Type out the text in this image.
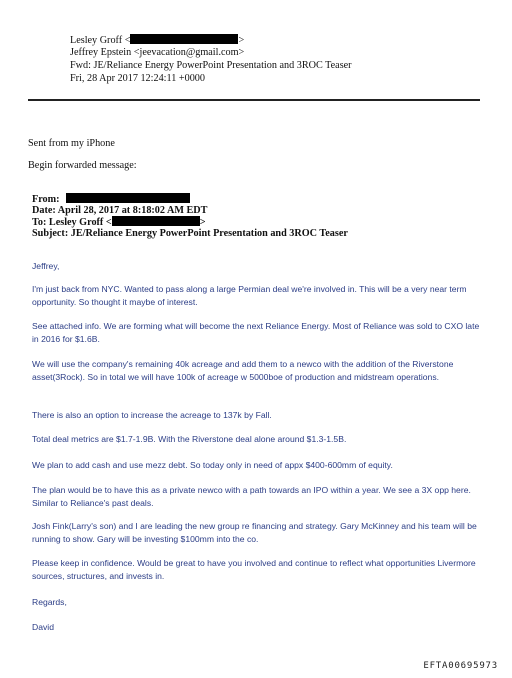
Lesley Groff <	>
Jeffrey Epstein <jeevacation@gmail.com>
Fwd: JE/Reliance Energy PowerPoint Presentation and 3ROC Teaser
Fri, 28 Apr 2017 12:24:11 +0000
Sent from my iPhone
Begin forwarded message:
From:
Date: April 28, 2017 at 8:18:02 AM EDT
To: Lesley Groff <	>
Subject: JE/Reliance Energy PowerPoint Presentation and 3ROC Teaser

Jeffrey,

I'm just back from NYC. Wanted to pass along a large Permian deal we're involved in. This will be a very near term opportunity. So thought it maybe of interest.

See attached info. We are forming what will become the next Reliance Energy. Most of Reliance was sold to CXO late in 2016 for $1.6B.

We will use the company's remaining 40k acreage and add them to a newco with the addition of the Riverstone asset(3Rock). So in total we will have 100k of acreage w 5000boe of production and midstream operations.

There is also an option to increase the acreage to 137k by Fall.

Total deal metrics are $1.7-1.9B. With the Riverstone deal alone around $1.3-1.5B.

We plan to add cash and use mezz debt. So today only in need of appx $400-600mm of equity.

The plan would be to have this as a private newco with a path towards an IPO within a year. We see a 3X opp here. Similar to Reliance's past deals.

Josh Fink(Larry's son) and I are leading the new group re financing and strategy. Gary McKinney and his team will be running to show. Gary will be investing $100mm into the co.

Please keep in confidence. Would be great to have you involved and continue to reflect what opportunities Livermore sources, structures, and invests in.

Regards,

David

EFTA00695973
